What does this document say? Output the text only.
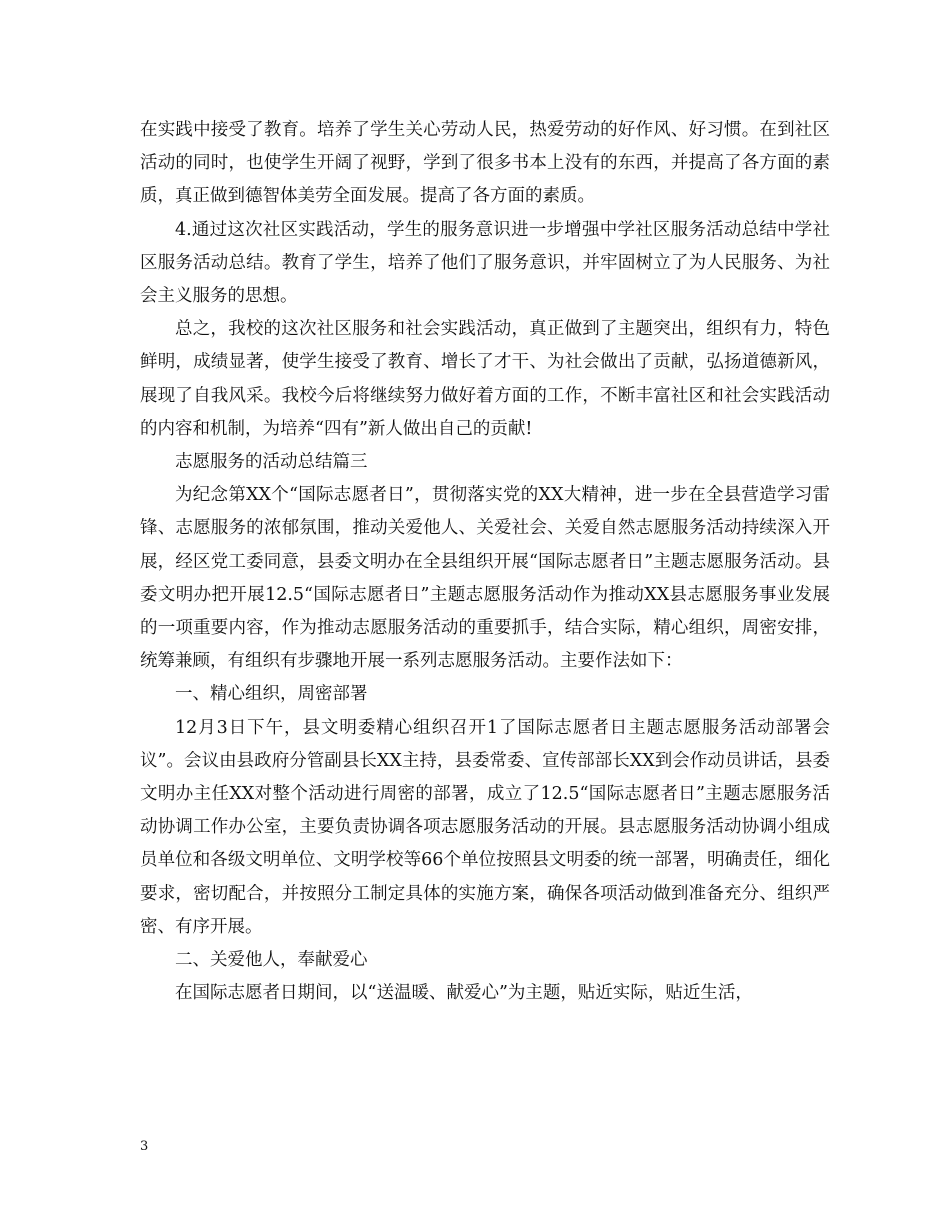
在实践中接受了教育。培养了学生关心劳动人民，热爱劳动的好作风、好习惯。在到社区活动的同时，也使学生开阔了视野，学到了很多书本上没有的东西，并提高了各方面的素质，真正做到德智体美劳全面发展。提高了各方面的素质。

4.通过这次社区实践活动，学生的服务意识进一步增强中学社区服务活动总结中学社区服务活动总结。教育了学生，培养了他们了服务意识，并牢固树立了为人民服务、为社会主义服务的思想。

总之，我校的这次社区服务和社会实践活动，真正做到了主题突出，组织有力，特色鲜明，成绩显著，使学生接受了教育、增长了才干、为社会做出了贡献，弘扬道德新风，展现了自我风采。我校今后将继续努力做好着方面的工作，不断丰富社区和社会实践活动的内容和机制，为培养“四有”新人做出自己的贡献!

志愿服务的活动总结篇三

为纪念第XX个“国际志愿者日”，贯彻落实党的XX大精神，进一步在全县营造学习雷锋、志愿服务的浓郁氛围，推动关爱他人、关爱社会、关爱自然志愿服务活动持续深入开展，经区党工委同意，县委文明办在全县组织开展“国际志愿者日”主题志愿服务活动。县委文明办把开展12.5“国际志愿者日”主题志愿服务活动作为推动XX县志愿服务事业发展的一项重要内容，作为推动志愿服务活动的重要抓手，结合实际，精心组织，周密安排，统筹兼顾，有组织有步骤地开展一系列志愿服务活动。主要作法如下：

一、精心组织，周密部署

12月3日下午，县文明委精心组织召开1了国际志愿者日主题志愿服务活动部署会议”。会议由县政府分管副县长XX主持，县委常委、宣传部部长XX到会作动员讲话，县委文明办主任XX对整个活动进行周密的部署，成立了12.5“国际志愿者日”主题志愿服务活动协调工作办公室，主要负责协调各项志愿服务活动的开展。县志愿服务活动协调小组成员单位和各级文明单位、文明学校等66个单位按照县文明委的统一部署，明确责任，细化要求，密切配合，并按照分工制定具体的实施方案，确保各项活动做到准备充分、组织严密、有序开展。

二、关爱他人，奉献爱心

在国际志愿者日期间，以“送温暖、献爱心”为主题，贴近实际，贴近生活，

3
